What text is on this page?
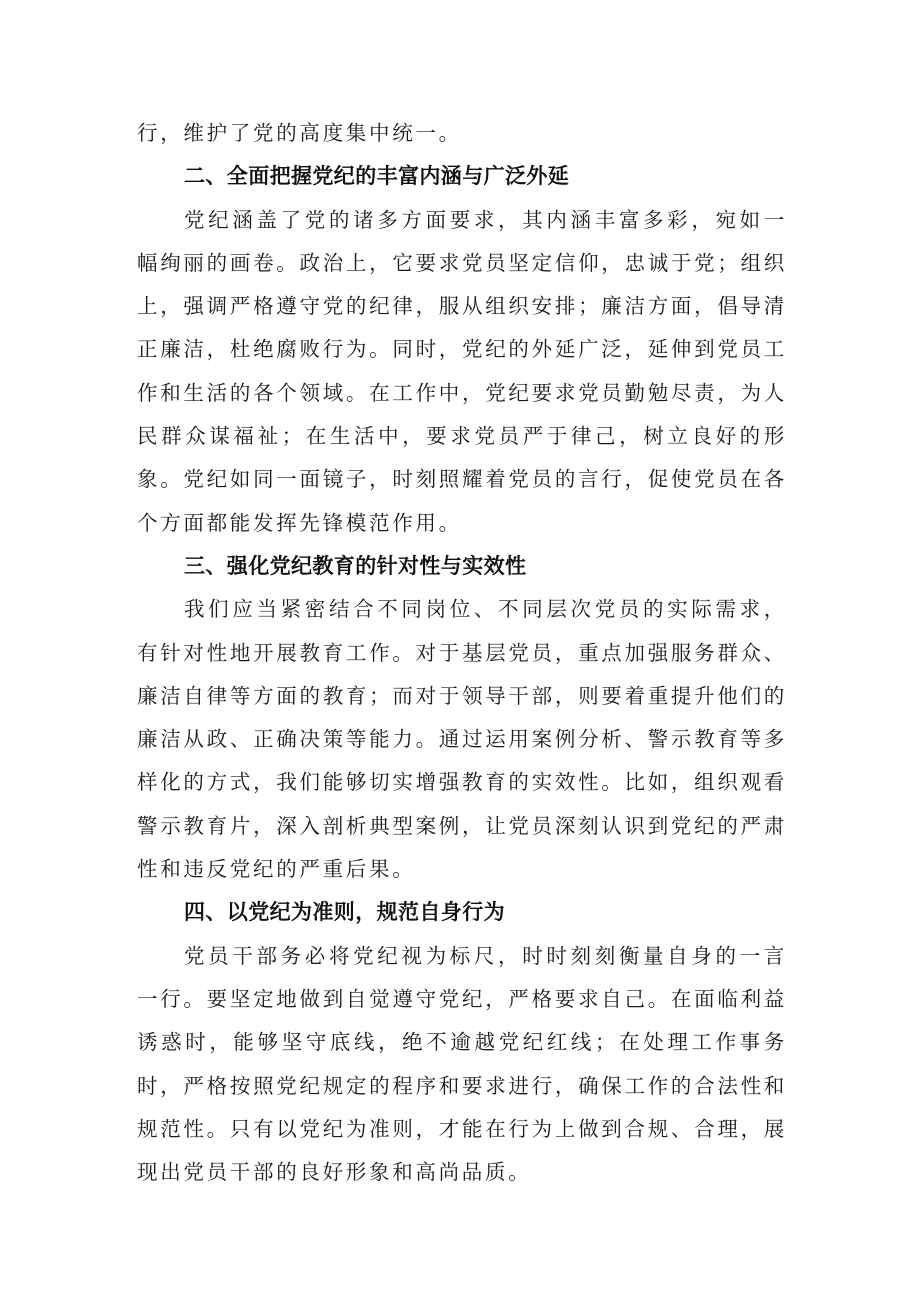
行，维护了党的高度集中统一。

二、全面把握党纪的丰富内涵与广泛外延

党纪涵盖了党的诸多方面要求，其内涵丰富多彩，宛如一幅绚丽的画卷。政治上，它要求党员坚定信仰，忠诚于党；组织上，强调严格遵守党的纪律，服从组织安排；廉洁方面，倡导清正廉洁，杜绝腐败行为。同时，党纪的外延广泛，延伸到党员工作和生活的各个领域。在工作中，党纪要求党员勤勉尽责，为人民群众谋福祉；在生活中，要求党员严于律己，树立良好的形象。党纪如同一面镜子，时刻照耀着党员的言行，促使党员在各个方面都能发挥先锋模范作用。

三、强化党纪教育的针对性与实效性

我们应当紧密结合不同岗位、不同层次党员的实际需求，有针对性地开展教育工作。对于基层党员，重点加强服务群众、廉洁自律等方面的教育；而对于领导干部，则要着重提升他们的廉洁从政、正确决策等能力。通过运用案例分析、警示教育等多样化的方式，我们能够切实增强教育的实效性。比如，组织观看警示教育片，深入剖析典型案例，让党员深刻认识到党纪的严肃性和违反党纪的严重后果。

四、以党纪为准则，规范自身行为

党员干部务必将党纪视为标尺，时时刻刻衡量自身的一言一行。要坚定地做到自觉遵守党纪，严格要求自己。在面临利益诱惑时，能够坚守底线，绝不逾越党纪红线；在处理工作事务时，严格按照党纪规定的程序和要求进行，确保工作的合法性和规范性。只有以党纪为准则，才能在行为上做到合规、合理，展现出党员干部的良好形象和高尚品质。
